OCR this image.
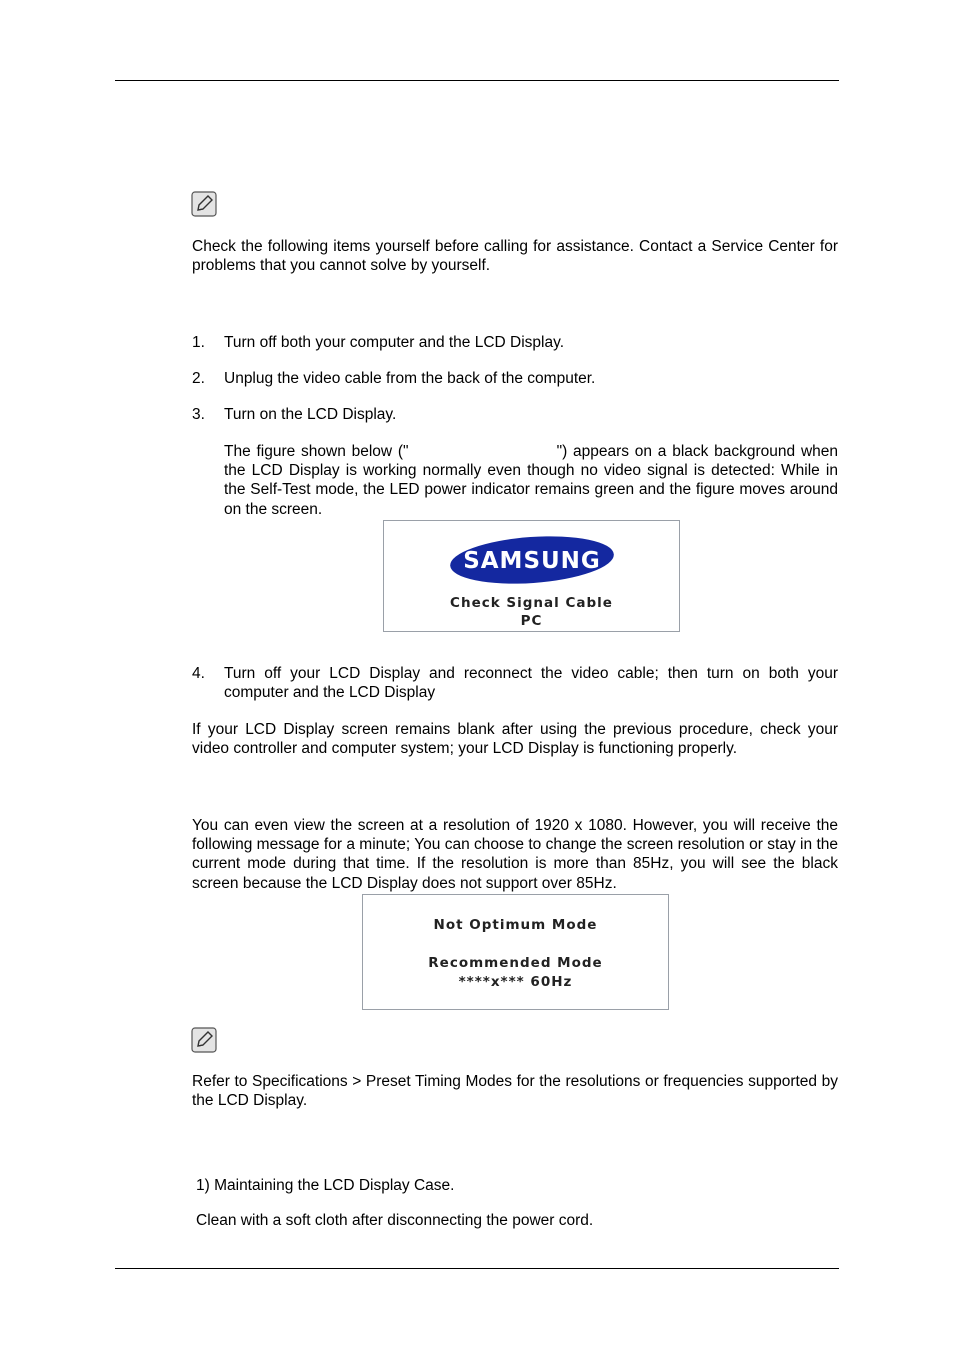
Check the following items yourself before calling for assistance. Contact a Service Center for problems that you cannot solve by yourself.
1. Turn off both your computer and the LCD Display.
2. Unplug the video cable from the back of the computer.
3. Turn on the LCD Display.
The figure shown below ("	") appears on a black background when the LCD Display is working normally even though no video signal is detected: While in the Self-Test mode, the LED power indicator remains green and the figure moves around on the screen.
SAMSUNG
Check Signal Cable
PC
4. Turn off your LCD Display and reconnect the video cable; then turn on both your computer and the LCD Display
If your LCD Display screen remains blank after using the previous procedure, check your video controller and computer system; your LCD Display is functioning properly.
You can even view the screen at a resolution of 1920 x 1080. However, you will receive the following message for a minute; You can choose to change the screen resolution or stay in the current mode during that time. If the resolution is more than 85Hz, you will see the black screen because the LCD Display does not support over 85Hz.
Not Optimum Mode
Recommended Mode
****x*** 60Hz
Refer to Specifications > Preset Timing Modes for the resolutions or frequencies supported by the LCD Display.
1) Maintaining the LCD Display Case.
Clean with a soft cloth after disconnecting the power cord.
